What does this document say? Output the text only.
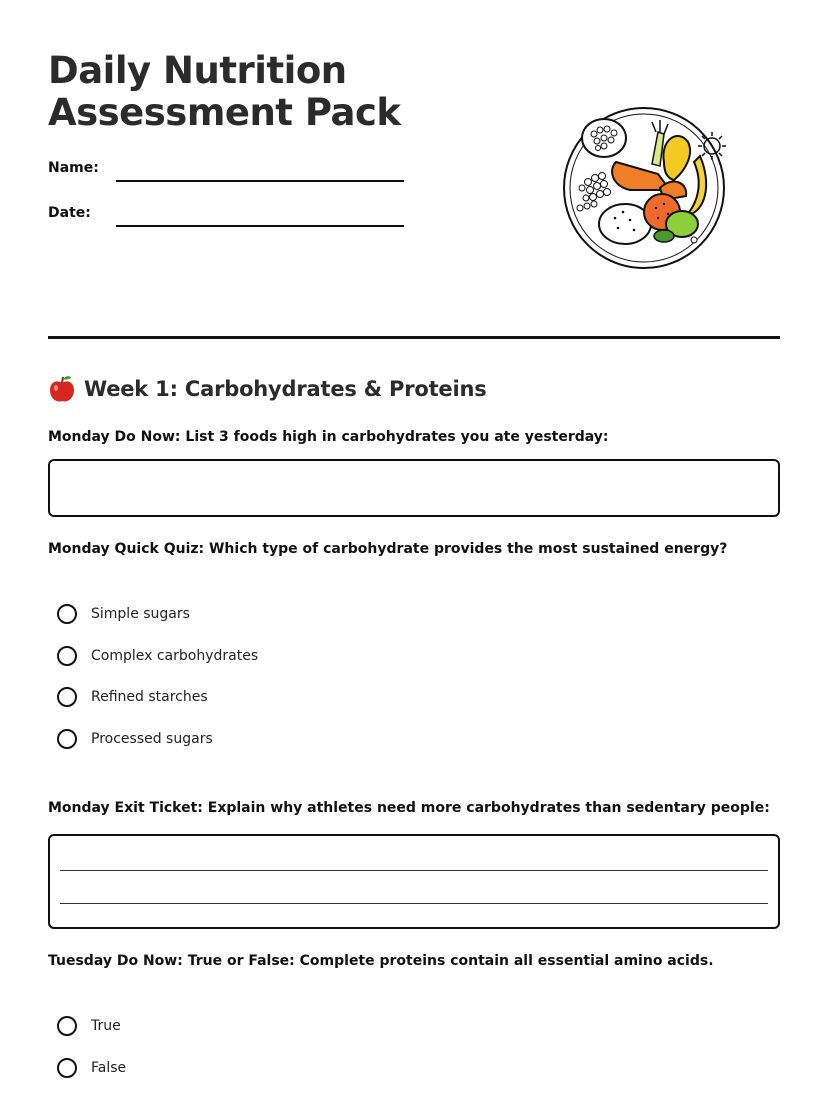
Daily Nutrition
Assessment Pack
Name:
Date:
Week 1: Carbohydrates & Proteins
Monday Do Now: List 3 foods high in carbohydrates you ate yesterday:
Monday Quick Quiz: Which type of carbohydrate provides the most sustained energy?
Simple sugars
Complex carbohydrates
Refined starches
Processed sugars
Monday Exit Ticket: Explain why athletes need more carbohydrates than sedentary people:
Tuesday Do Now: True or False: Complete proteins contain all essential amino acids.
True
False
